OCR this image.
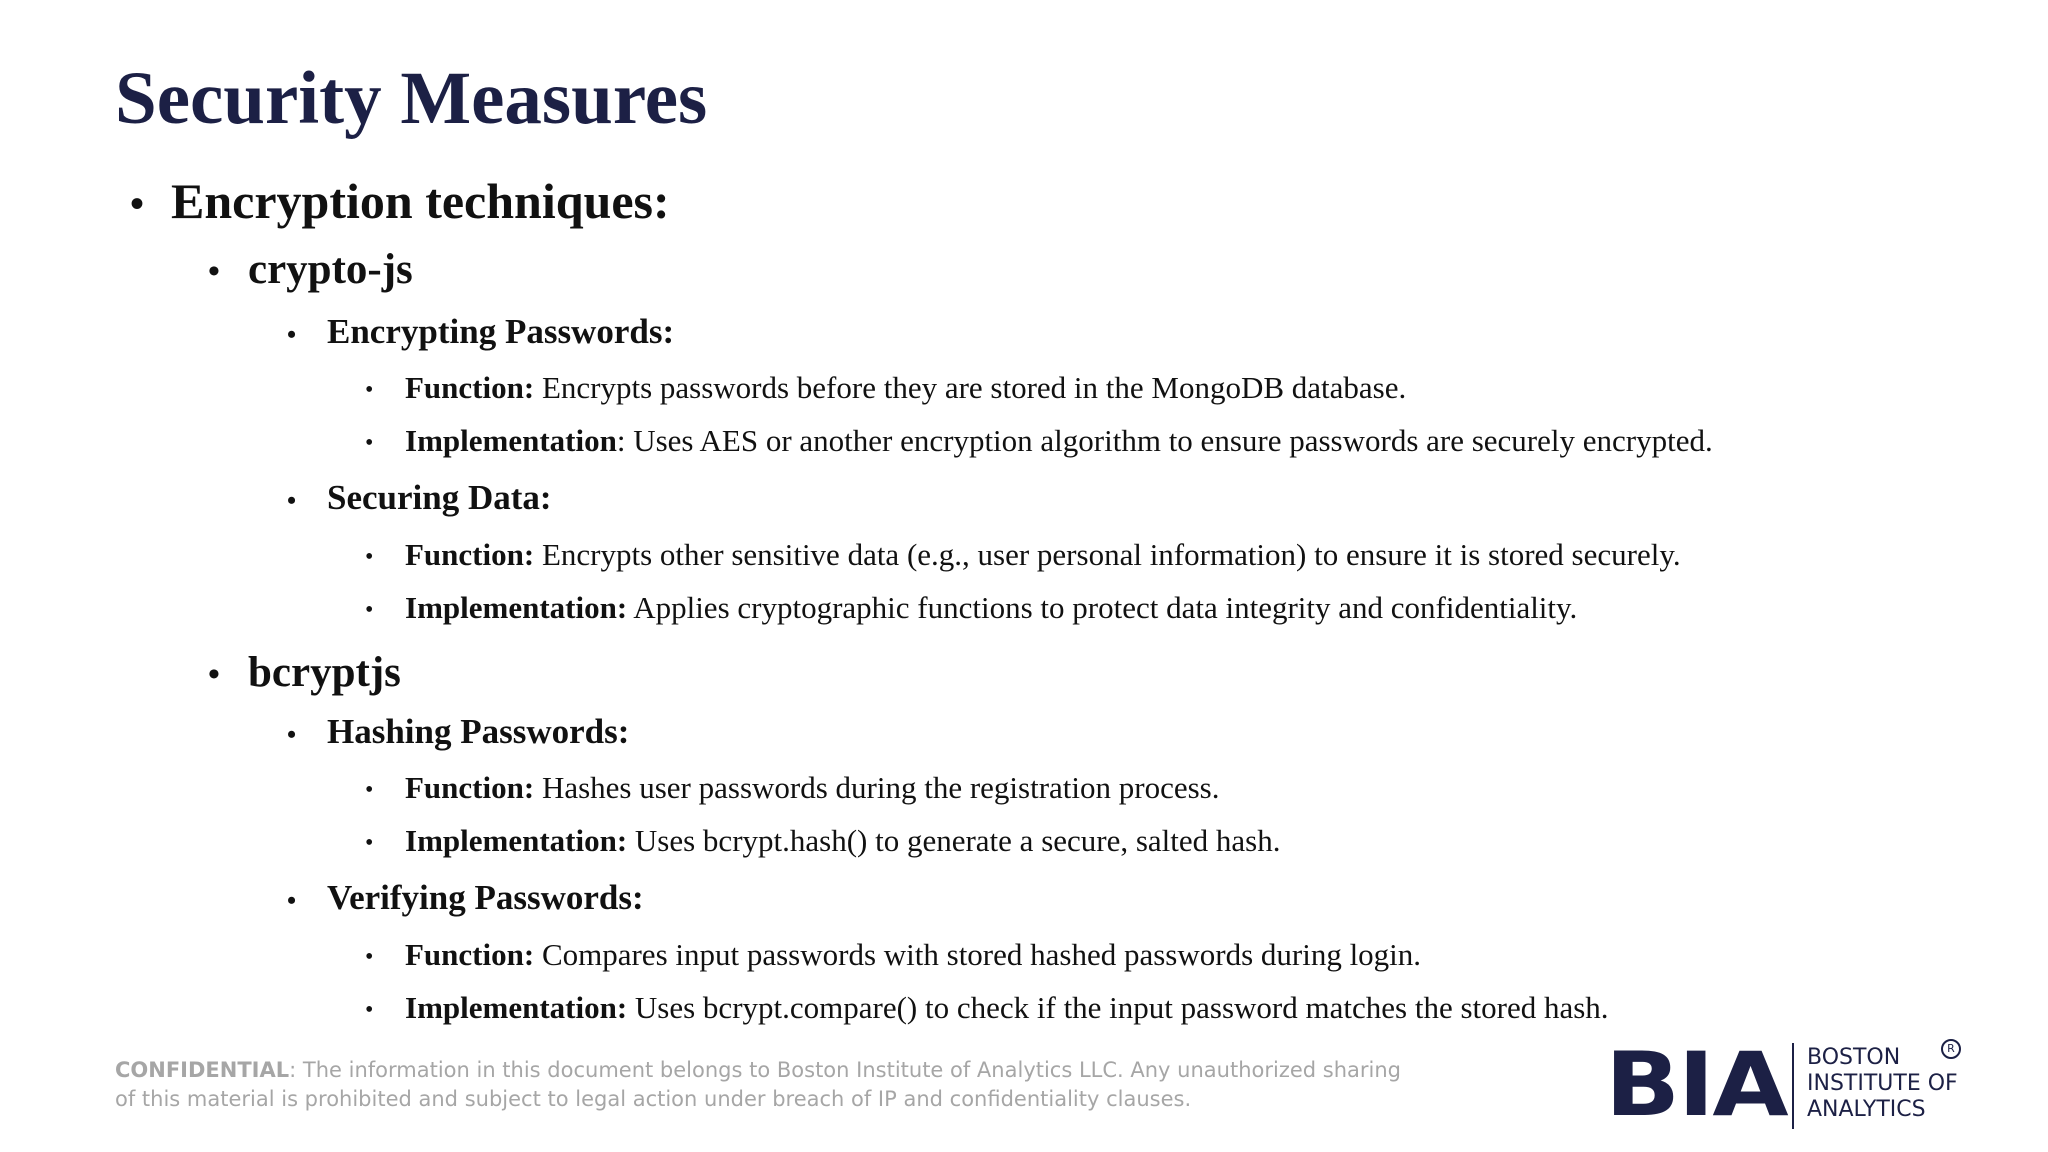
Security Measures
• Encryption techniques:
• crypto-js
• Encrypting Passwords:
• Function: Encrypts passwords before they are stored in the MongoDB database.
• Implementation: Uses AES or another encryption algorithm to ensure passwords are securely encrypted.
• Securing Data:
• Function: Encrypts other sensitive data (e.g., user personal information) to ensure it is stored securely.
• Implementation: Applies cryptographic functions to protect data integrity and confidentiality.
• bcryptjs
• Hashing Passwords:
• Function: Hashes user passwords during the registration process.
• Implementation: Uses bcrypt.hash() to generate a secure, salted hash.
• Verifying Passwords:
• Function: Compares input passwords with stored hashed passwords during login.
• Implementation: Uses bcrypt.compare() to check if the input password matches the stored hash.
CONFIDENTIAL: The information in this document belongs to Boston Institute of Analytics LLC. Any unauthorized sharing of this material is prohibited and subject to legal action under breach of IP and confidentiality clauses.	BIA BOSTON
INSTITUTE OF
ANALYTICS
R
